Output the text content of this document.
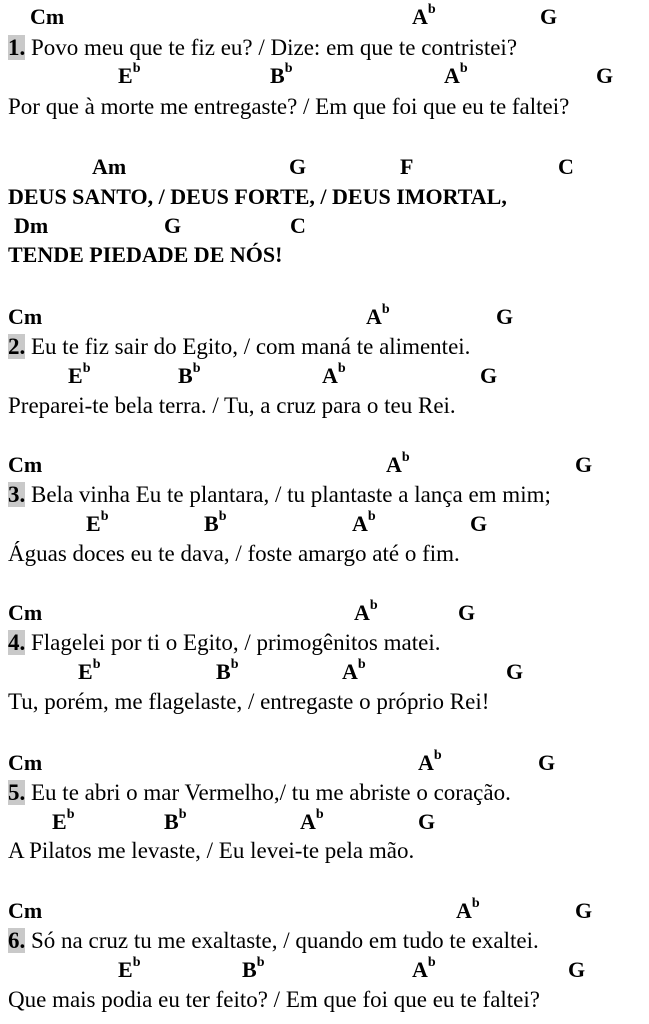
Cm	$A^b$	G
1. Povo meu que te fiz eu? / Dize: em que te contristei?
$E^b$	$B^b$	$A^b$	G
Por que à morte me entregaste? / Em que foi que eu te faltei?
Am	G	F	C
DEUS SANTO, / DEUS FORTE, / DEUS IMORTAL,
Dm	G	C
TENDE PIEDADE DE NÓS!
Cm	$A^b$	G
2. Eu te fiz sair do Egito, / com maná te alimentei.
$E^b$	$B^b$	$A^b$	G
Preparei-te bela terra. / Tu, a cruz para o teu Rei.
Cm	$A^b$	G
3. Bela vinha Eu te plantara, / tu plantaste a lança em mim;
$E^b$	$B^b$	$A^b$	G
Águas doces eu te dava, / foste amargo até o fim.
Cm	$A^b$	G
4. Flagelei por ti o Egito, / primogênitos matei.
$E^b$	$B^b$	$A^b$	G
Tu, porém, me flagelaste, / entregaste o próprio Rei!
Cm	$A^b$	G
5. Eu te abri o mar Vermelho,/ tu me abriste o coração.
$E^b$	$B^b$	$A^b$	G
A Pilatos me levaste, / Eu levei-te pela mão.
Cm	$A^b$	G
6. Só na cruz tu me exaltaste, / quando em tudo te exaltei.
$E^b$	$B^b$	$A^b$	G
Que mais podia eu ter feito? / Em que foi que eu te faltei?
